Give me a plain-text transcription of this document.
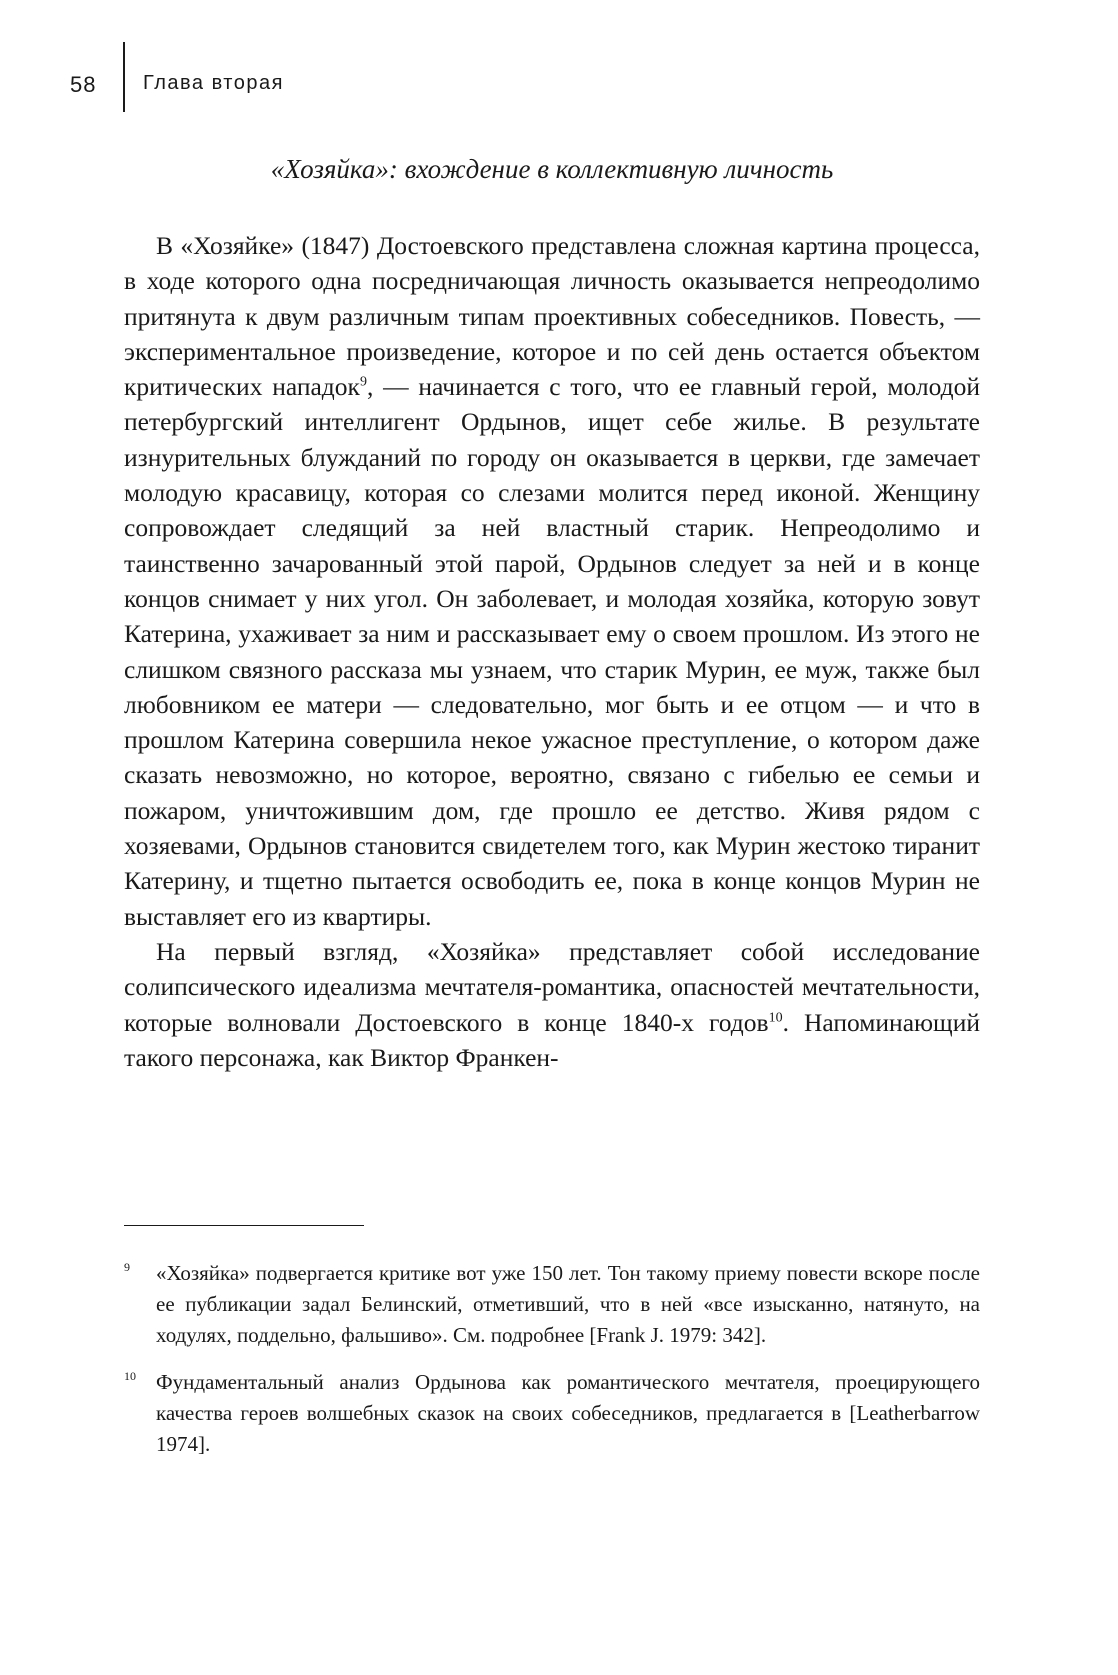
58 Глава вторая
«Хозяйка»: вхождение в коллективную личность

В «Хозяйке» (1847) Достоевского представлена сложная картина процесса, в ходе которого одна посредничающая личность оказывается непреодолимо притянута к двум различным типам проективных собеседников. Повесть, — экспериментальное произведение, которое и по сей день остается объектом критических нападок$^9$, — начинается с того, что ее главный герой, молодой петербургский интеллигент Ордынов, ищет себе жилье. В результате изнурительных блужданий по городу он оказывается в церкви, где замечает молодую красавицу, которая со слезами молится перед иконой. Женщину сопровождает следящий за ней властный старик. Непреодолимо и таинственно зачарованный этой парой, Ордынов следует за ней и в конце концов снимает у них угол. Он заболевает, и молодая хозяйка, которую зовут Катерина, ухаживает за ним и рассказывает ему о своем прошлом. Из этого не слишком связного рассказа мы узнаем, что старик Мурин, ее муж, также был любовником ее матери — следовательно, мог быть и ее отцом — и что в прошлом Катерина совершила некое ужасное преступление, о котором даже сказать невозможно, но которое, вероятно, связано с гибелью ее семьи и пожаром, уничтожившим дом, где прошло ее детство. Живя рядом с хозяевами, Ордынов становится свидетелем того, как Мурин жестоко тиранит Катерину, и тщетно пытается освободить ее, пока в конце концов Мурин не выставляет его из квартиры.

На первый взгляд, «Хозяйка» представляет собой исследование солипсического идеализма мечтателя-романтика, опасностей мечтательности, которые волновали Достоевского в конце 1840-х годов$^{10}$. Напоминающий такого персонажа, как Виктор Франкен-

9 «Хозяйка» подвергается критике вот уже 150 лет. Тон такому приему повести вскоре после ее публикации задал Белинский, отметивший, что в ней «все изысканно, натянуто, на ходулях, поддельно, фальшиво». См. подробнее [Frank J. 1979: 342].
10 Фундаментальный анализ Ордынова как романтического мечтателя, проецирующего качества героев волшебных сказок на своих собеседников, предлагается в [Leatherbarrow 1974].
